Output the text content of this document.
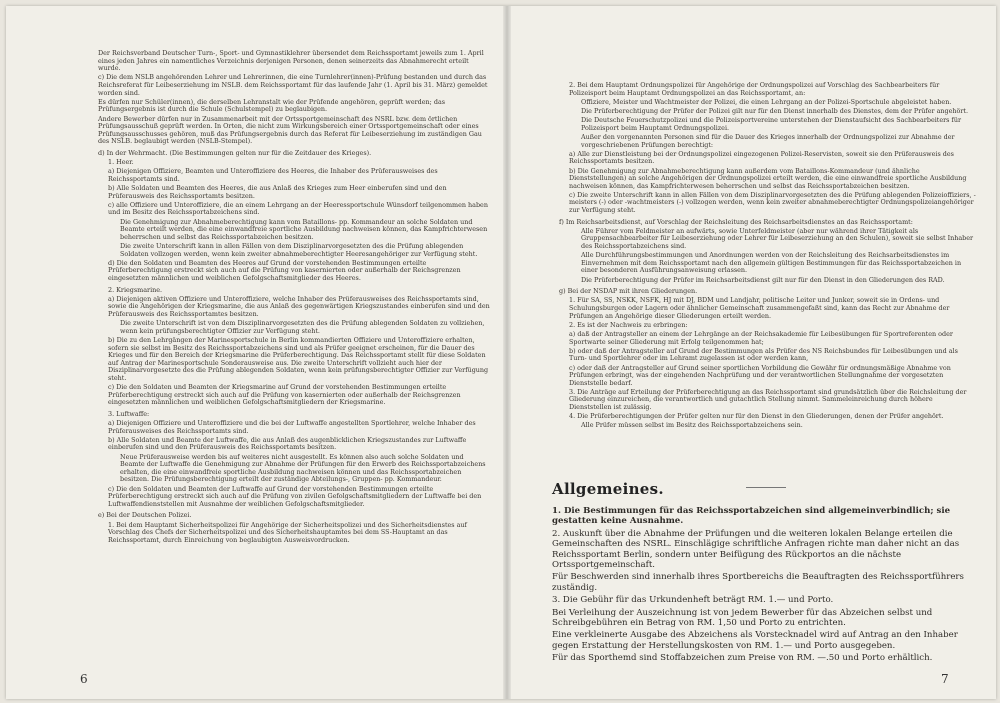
Der Reichsverband Deutscher Turn-, Sport- und Gymnastiklehrer übersendet dem Reichssportamt jeweils zum 1. April eines jeden Jahres ein namentliches Verzeichnis derjenigen Personen, denen seinerzeits das Abnahmerecht erteilt wurde.

c) Die dem NSLB angehörenden Lehrer und Lehrerinnen, die eine Turnlehrer(innen)-Prüfung bestanden und durch das Reichsreferat für Leibeserziehung im NSLB. dem Reichssportamt für das laufende Jahr (1. April bis 31. März) gemeldet worden sind.

Es dürfen nur Schüler(innen), die derselben Lehranstalt wie der Prüfende angehören, geprüft werden; das Prüfungsergebnis ist durch die Schule (Schulstempel) zu beglaubigen.

Andere Bewerber dürfen nur in Zusammenarbeit mit der Ortssportgemeinschaft des NSRL bzw. dem örtlichen Prüfungsausschuß geprüft werden. In Orten, die nicht zum Wirkungsbereich einer Ortssportgemeinschaft oder eines Prüfungsausschusses gehören, muß das Prüfungsergebnis durch das Referat für Leibeserziehung im zuständigen Gau des NSLB. beglaubigt werden (NSLB-Stempel).

d) In der Wehrmacht. (Die Bestimmungen gelten nur für die Zeitdauer des Krieges).

1. Heer.

a) Diejenigen Offiziere, Beamten und Unteroffiziere des Heeres, die Inhaber des Prüferausweises des Reichssportamts sind.

b) Alle Soldaten und Beamten des Heeres, die aus Anlaß des Krieges zum Heer einberufen sind und den Prüferausweis des Reichssportamts besitzen.

c) alle Offiziere und Unteroffiziere, die an einem Lehrgang an der Heeressportschule Wünsdorf teilgenommen haben und im Besitz des Reichssportabzeichens sind.

Die Genehmigung zur Abnahmeberechtigung kann vom Bataillons- pp. Kommandeur an solche Soldaten und Beamte erteilt werden, die eine einwandfreie sportliche Ausbildung nachweisen können, das Kampfrichterwesen beherrschen und selbst das Reichssportabzeichen besitzen.

Die zweite Unterschrift kann in allen Fällen von dem Disziplinarvorgesetzten des die Prüfung ablegenden Soldaten vollzogen werden, wenn kein zweiter abnahmeberechtigter Heeresangehöriger zur Verfügung steht.

d) Die den Soldaten und Beamten des Heeres auf Grund der vorstehenden Bestimmungen erteilte Prüferberechtigung erstreckt sich auch auf die Prüfung von kasernierten oder außerhalb der Reichsgrenzen eingesetzten männlichen und weiblichen Gefolgschaftsmitglieder des Heeres.

2. Kriegsmarine.

a) Diejenigen aktiven Offiziere und Unteroffiziere, welche Inhaber des Prüferausweises des Reichssportamts sind, sowie die Angehörigen der Kriegsmarine, die aus Anlaß des gegenwärtigen Kriegszustandes einberufen sind und den Prüferausweis des Reichssportamtes besitzen.

Die zweite Unterschrift ist von dem Disziplinarvorgesetzten des die Prüfung ablegenden Soldaten zu vollziehen, wenn kein prüfungsberechtigter Offizier zur Verfügung steht.

b) Die zu den Lehrgängen der Marinesportschule in Berlin kommandierten Offiziere und Unteroffiziere erhalten, sofern sie selbst im Besitz des Reichssportabzeichens sind und als Prüfer geeignet erscheinen, für die Dauer des Krieges und für den Bereich der Kriegsmarine die Prüferberechtigung. Das Reichssportamt stellt für diese Soldaten auf Antrag der Marinesportschule Sonderausweise aus. Die zweite Unterschrift vollzieht auch hier der Disziplinarvorgesetzte des die Prüfung ablegenden Soldaten, wenn kein prüfungsberechtigter Offizier zur Verfügung steht.

c) Die den Soldaten und Beamten der Kriegsmarine auf Grund der vorstehenden Bestimmungen erteilte Prüferberechtigung erstreckt sich auch auf die Prüfung von kasernierten oder außerhalb der Reichsgrenzen eingesetzten männlichen und weiblichen Gefolgschaftsmitgliedern der Kriegsmarine.

3. Luftwaffe:

a) Diejenigen Offiziere und Unteroffiziere und die bei der Luftwaffe angestellten Sportlehrer, welche Inhaber des Prüferausweises des Reichssportamts sind.

b) Alle Soldaten und Beamte der Luftwaffe, die aus Anlaß des augenblicklichen Kriegszustandes zur Luftwaffe einberufen sind und den Prüferausweis des Reichssportamts besitzen.

Neue Prüferausweise werden bis auf weiteres nicht ausgestellt. Es können also auch solche Soldaten und Beamte der Luftwaffe die Genehmigung zur Abnahme der Prüfungen für den Erwerb des Reichssportabzeichens erhalten, die eine einwandfreie sportliche Ausbildung nachweisen können und das Reichssportabzeichen besitzen. Die Prüfungsberechtigung erteilt der zuständige Abteilungs-, Gruppen- pp. Kommandeur.

c) Die den Soldaten und Beamten der Luftwaffe auf Grund der vorstehenden Bestimmungen erteilte Prüferberechtigung erstreckt sich auch auf die Prüfung von zivilen Gefolgschaftsmitgliedern der Luftwaffe bei den Luftwaffendienststellen mit Ausnahme der weiblichen Gefolgschaftsmitglieder.

e) Bei der Deutschen Polizei.

1. Bei dem Hauptamt Sicherheitspolizei für Angehörige der Sicherheitspolizei und des Sicherheitsdienstes auf Vorschlag des Chefs der Sicherheitspolizei und des Sicherheitshauptamtes bei dem SS-Hauptamt an das Reichssportamt, durch Einreichung von beglaubigten Ausweisvordrucken.

6

2. Bei dem Hauptamt Ordnungspolizei für Angehörige der Ordnungspolizei auf Vorschlag des Sachbearbeiters für Polizeisport beim Hauptamt Ordnungspolizei an das Reichssportamt, an:

Offiziere, Meister und Wachtmeister der Polizei, die einen Lehrgang an der Polizei-Sportschule abgeleistet haben.

Die Prüferberechtigung der Prüfer der Polizei gilt nur für den Dienst innerhalb des Dienstes, dem der Prüfer angehört.

Die Deutsche Feuerschutzpolizei und die Polizeisportvereine unterstehen der Dienstaufsicht des Sachbearbeiters für Polizeisport beim Hauptamt Ordnungspolizei.

Außer den vorgenannten Personen sind für die Dauer des Krieges innerhalb der Ordnungspolizei zur Abnahme der vorgeschriebenen Prüfungen berechtigt:

a) Alle zur Dienstleistung bei der Ordnungspolizei eingezogenen Polizei-Reservisten, soweit sie den Prüferausweis des Reichssportamts besitzen.

b) Die Genehmigung zur Abnahmeberechtigung kann außerdem vom Bataillons-Kommandeur (und ähnliche Dienststellungen) an solche Angehörigen der Ordnungspolizei erteilt werden, die eine einwandfreie sportliche Ausbildung nachweisen können, das Kampfrichterwesen beherrschen und selbst das Reichssportabzeichen besitzen.

c) Die zweite Unterschrift kann in allen Fällen von dem Disziplinarvorgesetzten des die Prüfung ablegenden Polizeioffiziers, -meisters (-) oder -wachtmeisters (-) vollzogen werden, wenn kein zweiter abnahmeberechtigter Ordnungspolizeiangehöriger zur Verfügung steht.

f) Im Reichsarbeitsdienst, auf Vorschlag der Reichsleitung des Reichsarbeitsdienstes an das Reichssportamt:

Alle Führer vom Feldmeister an aufwärts, sowie Unterfeldmeister (aber nur während ihrer Tätigkeit als Gruppensachbearbeiter für Leibeserziehung oder Lehrer für Leibeserziehung an den Schulen), soweit sie selbst Inhaber des Reichssportabzeichens sind.

Alle Durchführungsbestimmungen und Anordnungen werden von der Reichsleitung des Reichsarbeitsdienstes im Einvernehmen mit dem Reichssportamt nach den allgemein gültigen Bestimmungen für das Reichssportabzeichen in einer besonderen Ausführungsanweisung erlassen.

Die Prüferberechtigung der Prüfer im Reichsarbeitsdienst gilt nur für den Dienst in den Gliederungen des RAD.

g) Bei der NSDAP mit ihren Gliederungen.

1. Für SA, SS, NSKK, NSFK, HJ mit DJ, BDM und Landjahr, politische Leiter und Junker, soweit sie in Ordens- und Schulungsburgen oder Lagern oder ähnlicher Gemeinschaft zusammengefaßt sind, kann das Recht zur Abnahme der Prüfungen an Angehörige dieser Gliederungen erteilt werden.

2. Es ist der Nachweis zu erbringen:

a) daß der Antragsteller an einem der Lehrgänge an der Reichsakademie für Leibesübungen für Sportreferenten oder Sportwarte seiner Gliederung mit Erfolg teilgenommen hat;

b) oder daß der Antragsteller auf Grund der Bestimmungen als Prüfer des NS Reichsbundes für Leibesübungen und als Turn- und Sportlehrer oder im Lehramt zugelassen ist oder werden kann,

c) oder daß der Antragsteller auf Grund seiner sportlichen Vorbildung die Gewähr für ordnungsmäßige Abnahme von Prüfungen erbringt, was der eingehenden Nachprüfung und der verantwortlichen Stellungnahme der vorgesetzten Dienststelle bedarf.

3. Die Anträge auf Erteilung der Prüferberechtigung an das Reichssportamt sind grundsätzlich über die Reichsleitung der Gliederung einzureichen, die verantwortlich und gutachtlich Stellung nimmt. Sammeleinreichung durch höhere Dienststellen ist zulässig.

4. Die Prüferberechtigungen der Prüfer gelten nur für den Dienst in den Gliederungen, denen der Prüfer angehört.

Alle Prüfer müssen selbst im Besitz des Reichssportabzeichens sein.

7
Allgemeines.

1. Die Bestimmungen für das Reichssportabzeichen sind allgemeinverbindlich; sie gestatten keine Ausnahme.

2. Auskunft über die Abnahme der Prüfungen und die weiteren lokalen Belange erteilen die Gemeinschaften des NSRL. Einschlägige schriftliche Anfragen richte man daher nicht an das Reichssportamt Berlin, sondern unter Beifügung des Rückportos an die nächste Ortssportgemeinschaft.

Für Beschwerden sind innerhalb ihres Sportbereichs die Beauftragten des Reichssportführers zuständig.

3. Die Gebühr für das Urkundenheft beträgt RM. 1.— und Porto.

Bei Verleihung der Auszeichnung ist von jedem Bewerber für das Abzeichen selbst und Schreibgebühren ein Betrag von RM. 1,50 und Porto zu entrichten.

Eine verkleinerte Ausgabe des Abzeichens als Vorstecknadel wird auf Antrag an den Inhaber gegen Erstattung der Herstellungskosten von RM. 1.— und Porto ausgegeben.

Für das Sporthemd sind Stoffabzeichen zum Preise von RM. —.50 und Porto erhältlich.
